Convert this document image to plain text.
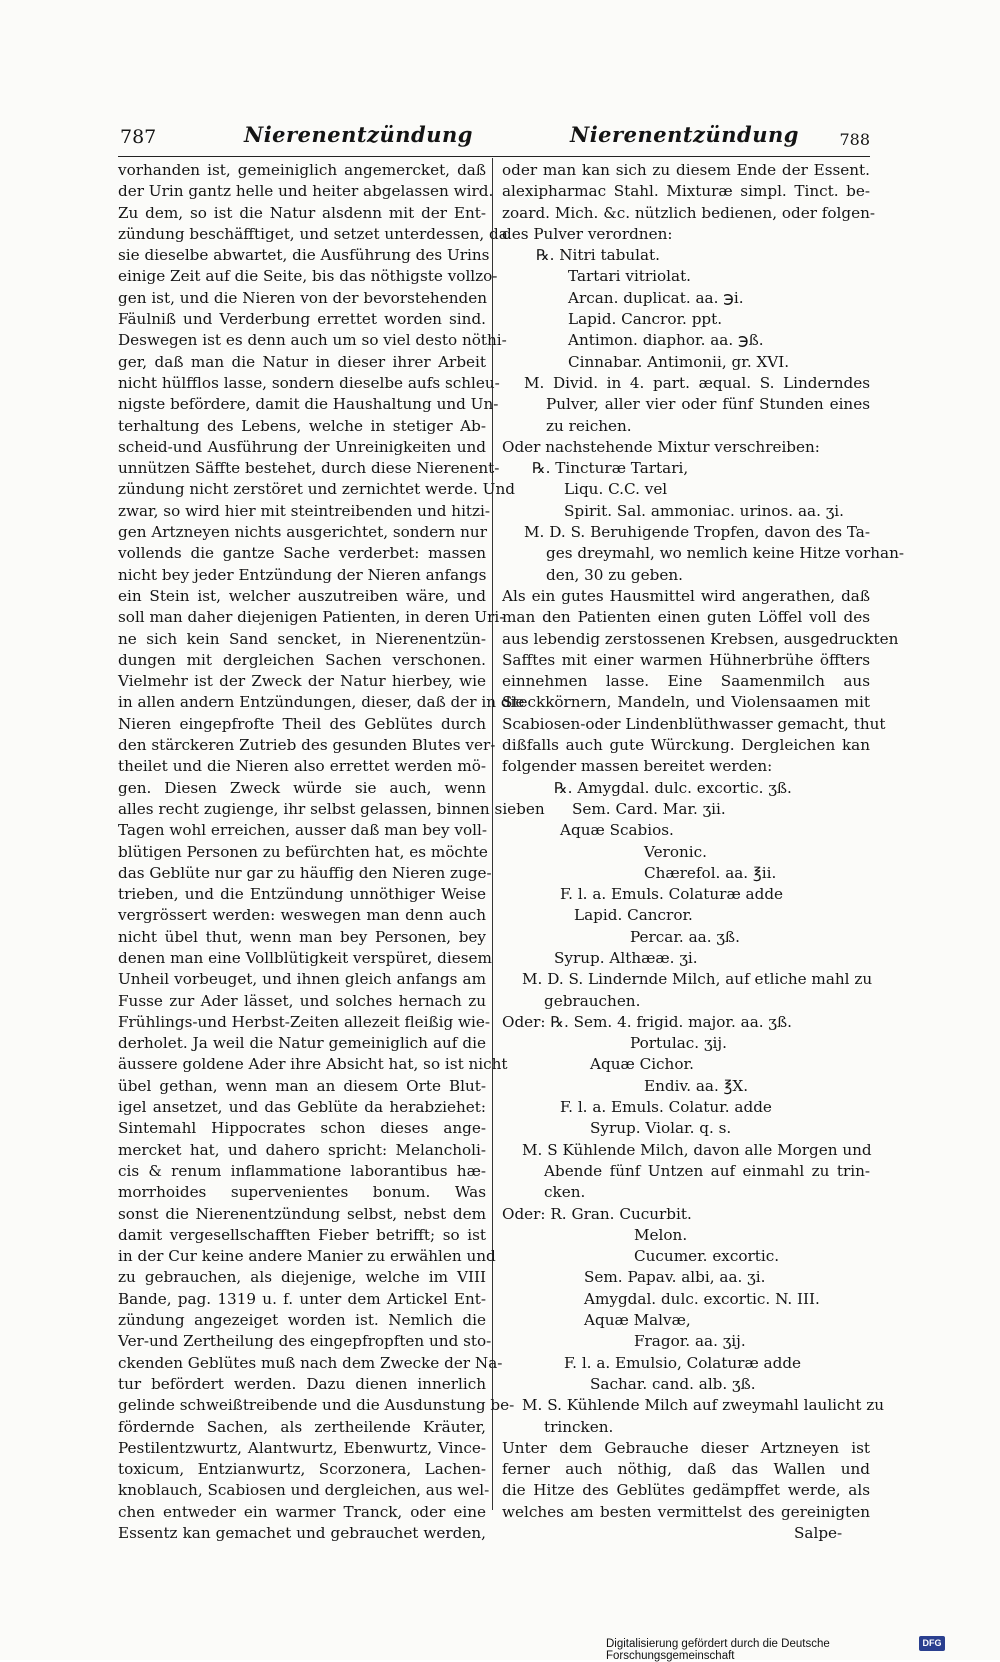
787	Nierenentzündung	Nierenentzündung	788
vorhanden ist, gemeiniglich angemercket, daß
der Urin gantz helle und heiter abgelassen wird.
Zu dem, so ist die Natur alsdenn mit der Ent-
zündung beschäfftiget, und setzet unterdessen, da
sie dieselbe abwartet, die Ausführung des Urins
einige Zeit auf die Seite, bis das nöthigste vollzo-
gen ist, und die Nieren von der bevorstehenden
Fäulniß und Verderbung errettet worden sind.
Deswegen ist es denn auch um so viel desto nöthi-
ger, daß man die Natur in dieser ihrer Arbeit
nicht hülfflos lasse, sondern dieselbe aufs schleu-
nigste befördere, damit die Haushaltung und Un-
terhaltung des Lebens, welche in stetiger Ab-
scheid-und Ausführung der Unreinigkeiten und
unnützen Säffte bestehet, durch diese Nierenent-
zündung nicht zerstöret und zernichtet werde. Und
zwar, so wird hier mit steintreibenden und hitzi-
gen Artzneyen nichts ausgerichtet, sondern nur
vollends die gantze Sache verderbet: massen
nicht bey jeder Entzündung der Nieren anfangs
ein Stein ist, welcher auszutreiben wäre, und
soll man daher diejenigen Patienten, in deren Uri-
ne sich kein Sand sencket, in Nierenentzün-
dungen mit dergleichen Sachen verschonen.
Vielmehr ist der Zweck der Natur hierbey, wie
in allen andern Entzündungen, dieser, daß der in die
Nieren eingepfrofte Theil des Geblütes durch
den stärckeren Zutrieb des gesunden Blutes ver-
theilet und die Nieren also errettet werden mö-
gen. Diesen Zweck würde sie auch, wenn
alles recht zugienge, ihr selbst gelassen, binnen sieben
Tagen wohl erreichen, ausser daß man bey voll-
blütigen Personen zu befürchten hat, es möchte
das Geblüte nur gar zu häuffig den Nieren zuge-
trieben, und die Entzündung unnöthiger Weise
vergrössert werden: weswegen man denn auch
nicht übel thut, wenn man bey Personen, bey
denen man eine Vollblütigkeit verspüret, diesem
Unheil vorbeuget, und ihnen gleich anfangs am
Fusse zur Ader lässet, und solches hernach zu
Frühlings-und Herbst-Zeiten allezeit fleißig wie-
derholet. Ja weil die Natur gemeiniglich auf die
äussere goldene Ader ihre Absicht hat, so ist nicht
übel gethan, wenn man an diesem Orte Blut-
igel ansetzet, und das Geblüte da herabziehet:
Sintemahl Hippocrates schon dieses ange-
mercket hat, und dahero spricht: Melancholi-
cis & renum inflammatione laborantibus hæ-
morrhoides supervenientes bonum. Was
sonst die Nierenentzündung selbst, nebst dem
damit vergesellschafften Fieber betrifft; so ist
in der Cur keine andere Manier zu erwählen und
zu gebrauchen, als diejenige, welche im VIII
Bande, pag. 1319 u. f. unter dem Artickel Ent-
zündung angezeiget worden ist. Nemlich die
Ver-und Zertheilung des eingepfropften und sto-
ckenden Geblütes muß nach dem Zwecke der Na-
tur befördert werden. Dazu dienen innerlich
gelinde schweißtreibende und die Ausdunstung be-
fördernde Sachen, als zertheilende Kräuter,
Pestilentzwurtz, Alantwurtz, Ebenwurtz, Vince-
toxicum, Entzianwurtz, Scorzonera, Lachen-
knoblauch, Scabiosen und dergleichen, aus wel-
chen entweder ein warmer Tranck, oder eine
Essentz kan gemachet und gebrauchet werden,
oder man kan sich zu diesem Ende der Essent.
alexipharmac Stahl. Mixturæ simpl. Tinct. be-
zoard. Mich. &c. nützlich bedienen, oder folgen-
des Pulver verordnen:
℞. Nitri tabulat.
Tartari vitriolat.
Arcan. duplicat. aa. ℈i.
Lapid. Cancror. ppt.
Antimon. diaphor. aa. ℈ß.
Cinnabar. Antimonii, gr. XVI.
M. Divid. in 4. part. æqual. S. Linderndes
Pulver, aller vier oder fünf Stunden eines
zu reichen.
Oder nachstehende Mixtur verschreiben:
℞. Tincturæ Tartari,
Liqu. C.C. vel
Spirit. Sal. ammoniac. urinos. aa. ʒi.
M. D. S. Beruhigende Tropfen, davon des Ta-
ges dreymahl, wo nemlich keine Hitze vorhan-
den, 30 zu geben.
Als ein gutes Hausmittel wird angerathen, daß
man den Patienten einen guten Löffel voll des
aus lebendig zerstossenen Krebsen, ausgedruckten
Safftes mit einer warmen Hühnerbrühe öffters
einnehmen lasse. Eine Saamenmilch aus
Steckkörnern, Mandeln, und Violensaamen mit
Scabiosen-oder Lindenblüthwasser gemacht, thut
dißfalls auch gute Würckung. Dergleichen kan
folgender massen bereitet werden:
℞. Amygdal. dulc. excortic. ʒß.
Sem. Card. Mar. ʒii.
Aquæ Scabios.
Veronic.
Chærefol. aa. ℥ii.
F. l. a. Emuls. Colaturæ adde
Lapid. Cancror.
Percar. aa. ʒß.
Syrup. Althææ. ʒi.
M. D. S. Lindernde Milch, auf etliche mahl zu
gebrauchen.
Oder: ℞. Sem. 4. frigid. major. aa. ʒß.
Portulac. ʒij.
Aquæ Cichor.
Endiv. aa. ℥X.
F. l. a. Emuls. Colatur. adde
Syrup. Violar. q. s.
M. S Kühlende Milch, davon alle Morgen und
Abende fünf Untzen auf einmahl zu trin-
cken.
Oder: R. Gran. Cucurbit.
Melon.
Cucumer. excortic.
Sem. Papav. albi, aa. ʒi.
Amygdal. dulc. excortic. N. III.
Aquæ Malvæ,
Fragor. aa. ʒij.
F. l. a. Emulsio, Colaturæ adde
Sachar. cand. alb. ʒß.
M. S. Kühlende Milch auf zweymahl laulicht zu
trincken.
Unter dem Gebrauche dieser Artzneyen ist
ferner auch nöthig, daß das Wallen und
die Hitze des Geblütes gedämpffet werde, als
welches am besten vermittelst des gereinigten
Salpe-
Digitalisierung gefördert durch die Deutsche Forschungsgemeinschaft
DFG
